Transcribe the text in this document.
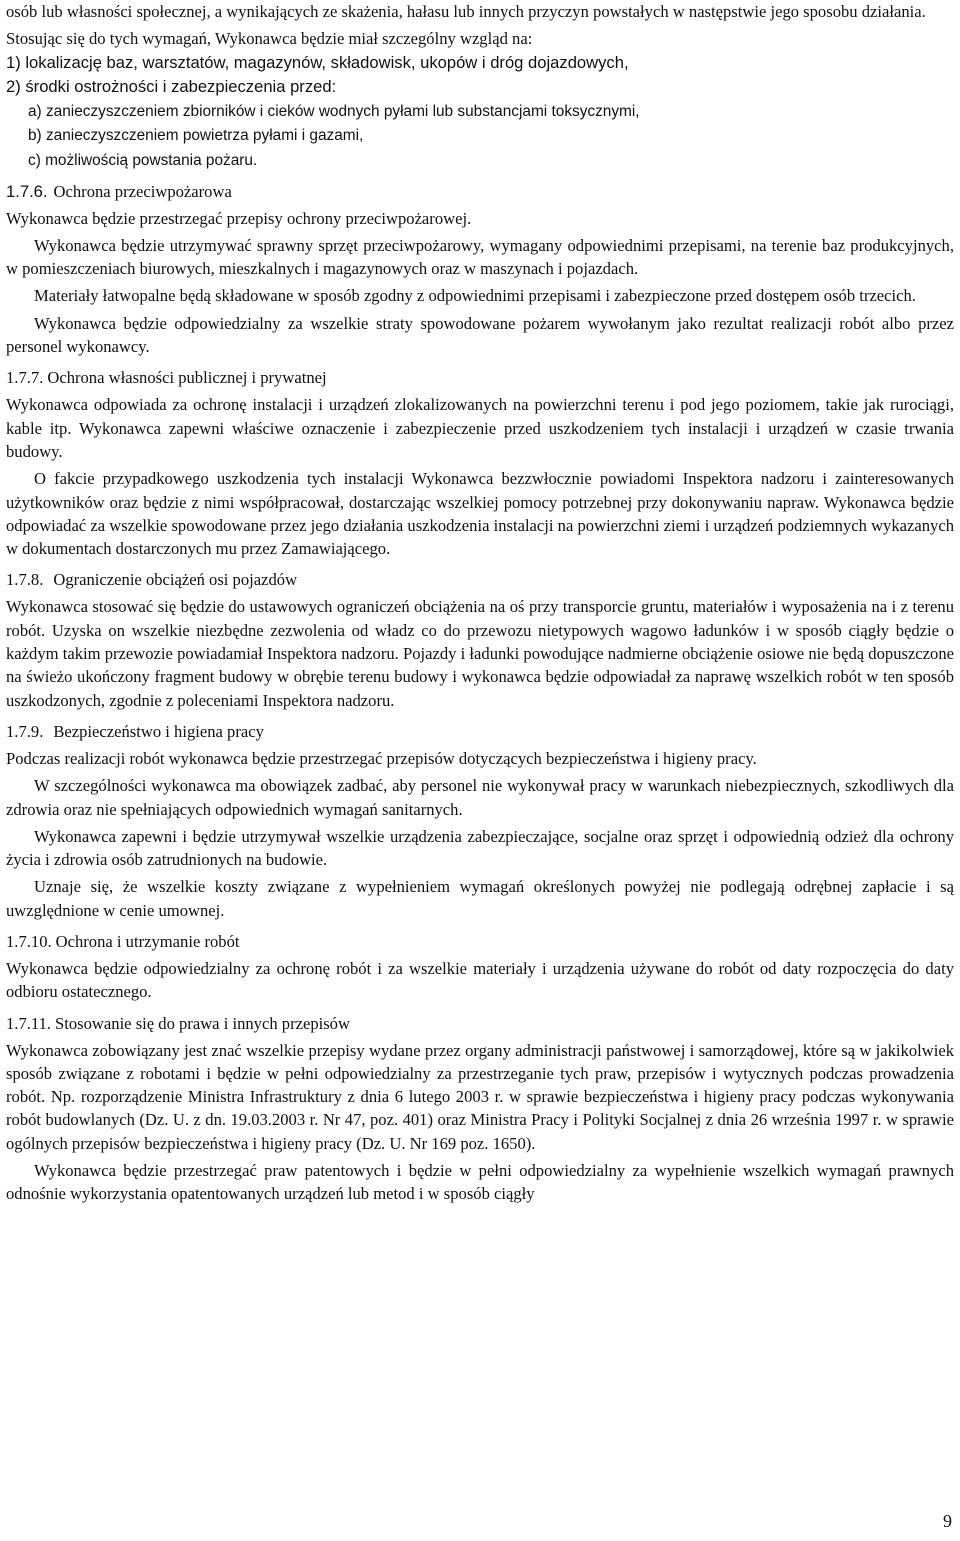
osób lub własności społecznej, a wynikających ze skażenia, hałasu lub innych przyczyn powstałych w następstwie jego sposobu działania.

Stosując się do tych wymagań, Wykonawca będzie miał szczególny wzgląd na:

1) lokalizację baz, warsztatów, magazynów, składowisk, ukopów i dróg dojazdowych,
2) środki ostrożności i zabezpieczenia przed:
a) zanieczyszczeniem zbiorników i cieków wodnych pyłami lub substancjami toksycznymi,
b) zanieczyszczeniem powietrza pyłami i gazami,
c) możliwością powstania pożaru.
1.7.6. Ochrona przeciwpożarowa

Wykonawca będzie przestrzegać przepisy ochrony przeciwpożarowej.

Wykonawca będzie utrzymywać sprawny sprzęt przeciwpożarowy, wymagany odpowiednimi przepisami, na terenie baz produkcyjnych, w pomieszczeniach biurowych, mieszkalnych i magazynowych oraz w maszynach i pojazdach.

Materiały łatwopalne będą składowane w sposób zgodny z odpowiednimi przepisami i zabezpieczone przed dostępem osób trzecich.

Wykonawca będzie odpowiedzialny za wszelkie straty spowodowane pożarem wywołanym jako rezultat realizacji robót albo przez personel wykonawcy.

1.7.7. Ochrona własności publicznej i prywatnej

Wykonawca odpowiada za ochronę instalacji i urządzeń zlokalizowanych na powierzchni terenu i pod jego poziomem, takie jak rurociągi, kable itp. Wykonawca zapewni właściwe oznaczenie i zabezpieczenie przed uszkodzeniem tych instalacji i urządzeń w czasie trwania budowy.

O fakcie przypadkowego uszkodzenia tych instalacji Wykonawca bezzwłocznie powiadomi Inspektora nadzoru i zainteresowanych użytkowników oraz będzie z nimi współpracował, dostarczając wszelkiej pomocy potrzebnej przy dokonywaniu napraw. Wykonawca będzie odpowiadać za wszelkie spowodowane przez jego działania uszkodzenia instalacji na powierzchni ziemi i urządzeń podziemnych wykazanych w dokumentach dostarczonych mu przez Zamawiającego.

1.7.8. Ograniczenie obciążeń osi pojazdów

Wykonawca stosować się będzie do ustawowych ograniczeń obciążenia na oś przy transporcie gruntu, materiałów i wyposażenia na i z terenu robót. Uzyska on wszelkie niezbędne zezwolenia od władz co do przewozu nietypowych wagowo ładunków i w sposób ciągły będzie o każdym takim przewozie powiadamiał Inspektora nadzoru. Pojazdy i ładunki powodujące nadmierne obciążenie osiowe nie będą dopuszczone na świeżo ukończony fragment budowy w obrębie terenu budowy i wykonawca będzie odpowiadał za naprawę wszelkich robót w ten sposób uszkodzonych, zgodnie z poleceniami Inspektora nadzoru.

1.7.9. Bezpieczeństwo i higiena pracy

Podczas realizacji robót wykonawca będzie przestrzegać przepisów dotyczących bezpieczeństwa i higieny pracy.

W szczególności wykonawca ma obowiązek zadbać, aby personel nie wykonywał pracy w warunkach niebezpiecznych, szkodliwych dla zdrowia oraz nie spełniających odpowiednich wymagań sanitarnych.

Wykonawca zapewni i będzie utrzymywał wszelkie urządzenia zabezpieczające, socjalne oraz sprzęt i odpowiednią odzież dla ochrony życia i zdrowia osób zatrudnionych na budowie.

Uznaje się, że wszelkie koszty związane z wypełnieniem wymagań określonych powyżej nie podlegają odrębnej zapłacie i są uwzględnione w cenie umownej.

1.7.10. Ochrona i utrzymanie robót

Wykonawca będzie odpowiedzialny za ochronę robót i za wszelkie materiały i urządzenia używane do robót od daty rozpoczęcia do daty odbioru ostatecznego.

1.7.11. Stosowanie się do prawa i innych przepisów

Wykonawca zobowiązany jest znać wszelkie przepisy wydane przez organy administracji państwowej i samorządowej, które są w jakikolwiek sposób związane z robotami i będzie w pełni odpowiedzialny za przestrzeganie tych praw, przepisów i wytycznych podczas prowadzenia robót. Np. rozporządzenie Ministra Infrastruktury z dnia 6 lutego 2003 r. w sprawie bezpieczeństwa i higieny pracy podczas wykonywania robót budowlanych (Dz. U. z dn. 19.03.2003 r. Nr 47, poz. 401) oraz Ministra Pracy i Polityki Socjalnej z dnia 26 września 1997 r. w sprawie ogólnych przepisów bezpieczeństwa i higieny pracy (Dz. U. Nr 169 poz. 1650).

Wykonawca będzie przestrzegać praw patentowych i będzie w pełni odpowiedzialny za wypełnienie wszelkich wymagań prawnych odnośnie wykorzystania opatentowanych urządzeń lub metod i w sposób ciągły

9
